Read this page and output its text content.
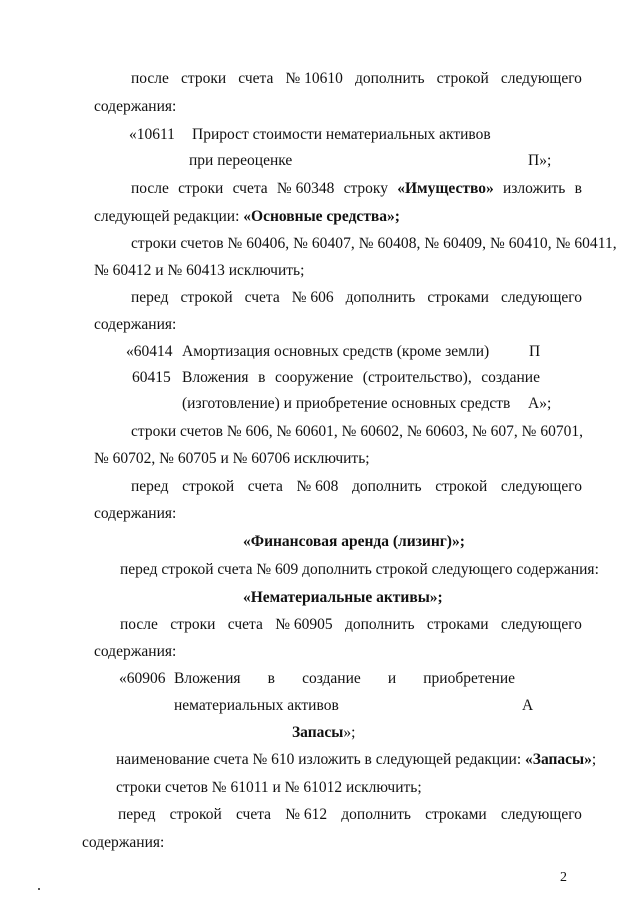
после строки счета № 10610 дополнить строкой следующего
содержания:
«10611 Прирост стоимости нематериальных активов
при переоценке	П»;
после строки счета № 60348 строку «Имущество» изложить в
следующей редакции: «Основные средства»;
строки счетов № 60406, № 60407, № 60408, № 60409, № 60410, № 60411,
№ 60412 и № 60413 исключить;
перед строкой счета № 606 дополнить строками следующего
содержания:
«60414 Амортизация основных средств (кроме земли)	П
60415 Вложения в сооружение (строительство), создание
(изготовление) и приобретение основных средств А»;
строки счетов № 606, № 60601, № 60602, № 60603, № 607, № 60701,
№ 60702, № 60705 и № 60706 исключить;
перед строкой счета № 608 дополнить строкой следующего
содержания:
«Финансовая аренда (лизинг)»;
перед строкой счета № 609 дополнить строкой следующего содержания:
«Нематериальные активы»;
после строки счета № 60905 дополнить строками следующего
содержания:
«60906 Вложения в создание и приобретение
нематериальных активов	А
Запасы»;
наименование счета № 610 изложить в следующей редакции: «Запасы»;
строки счетов № 61011 и № 61012 исключить;
перед строкой счета № 612 дополнить строками следующего
содержания:
2
